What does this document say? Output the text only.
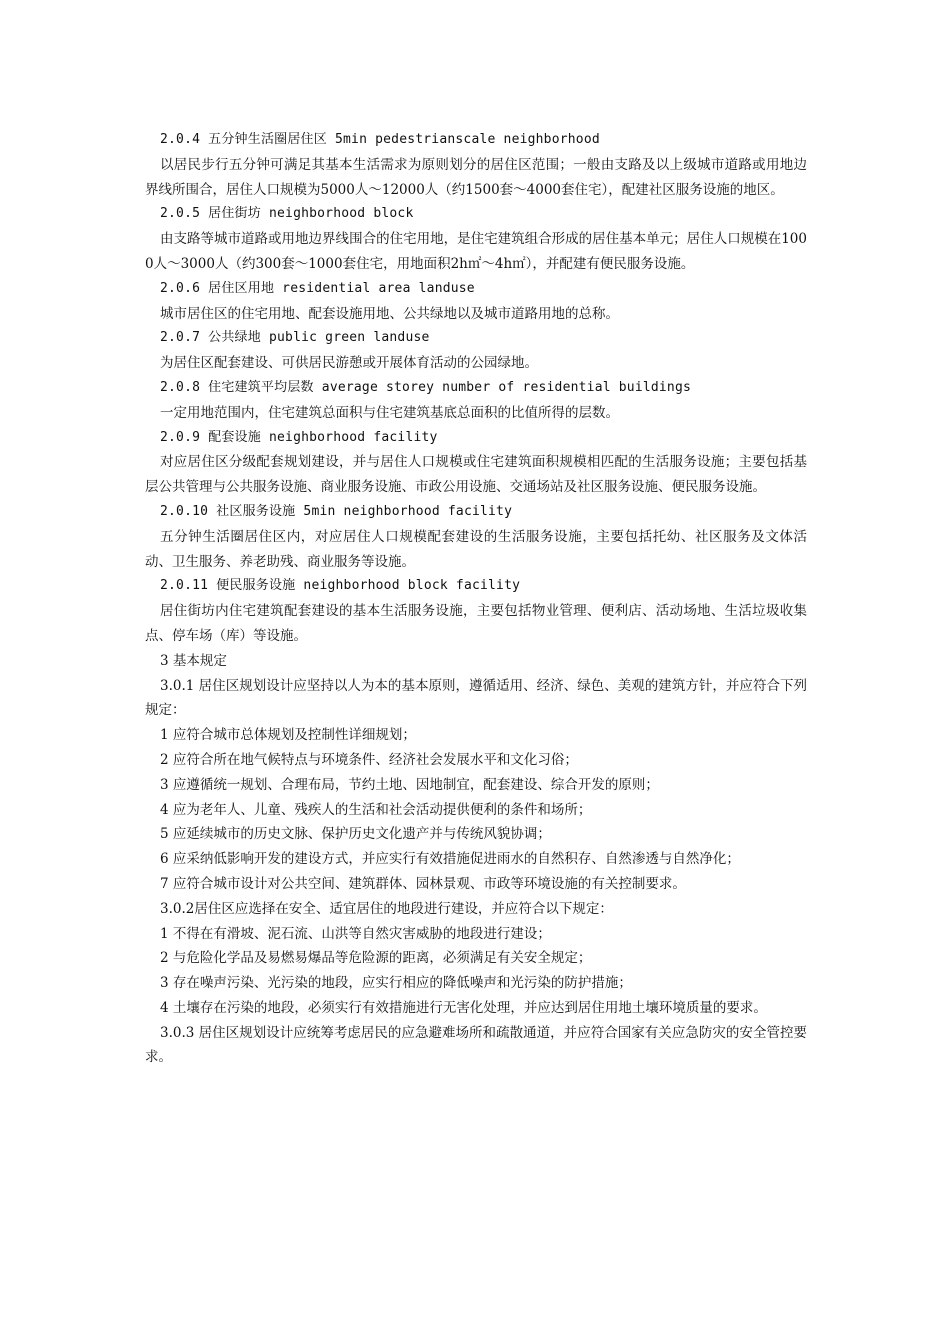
2.0.4 五分钟生活圈居住区 5min pedestrianscale neighborhood

以居民步行五分钟可满足其基本生活需求为原则划分的居住区范围；一般由支路及以上级城市道路或用地边界线所围合，居住人口规模为5000人～12000人（约1500套～4000套住宅），配建社区服务设施的地区。

2.0.5 居住街坊 neighborhood block

由支路等城市道路或用地边界线围合的住宅用地，是住宅建筑组合形成的居住基本单元；居住人口规模在1000人～3000人（约300套～1000套住宅，用地面积2h㎡～4h㎡），并配建有便民服务设施。

2.0.6 居住区用地 residential area landuse

城市居住区的住宅用地、配套设施用地、公共绿地以及城市道路用地的总称。

2.0.7 公共绿地 public green landuse

为居住区配套建设、可供居民游憩或开展体育活动的公园绿地。

2.0.8 住宅建筑平均层数 average storey number of residential buildings

一定用地范围内，住宅建筑总面积与住宅建筑基底总面积的比值所得的层数。

2.0.9 配套设施 neighborhood facility

对应居住区分级配套规划建设，并与居住人口规模或住宅建筑面积规模相匹配的生活服务设施；主要包括基层公共管理与公共服务设施、商业服务设施、市政公用设施、交通场站及社区服务设施、便民服务设施。

2.0.10 社区服务设施 5min neighborhood facility

五分钟生活圈居住区内，对应居住人口规模配套建设的生活服务设施，主要包括托幼、社区服务及文体活动、卫生服务、养老助残、商业服务等设施。

2.0.11 便民服务设施 neighborhood block facility

居住街坊内住宅建筑配套建设的基本生活服务设施，主要包括物业管理、便利店、活动场地、生活垃圾收集点、停车场（库）等设施。

3 基本规定

3.0.1 居住区规划设计应坚持以人为本的基本原则，遵循适用、经济、绿色、美观的建筑方针，并应符合下列规定：

1 应符合城市总体规划及控制性详细规划；

2 应符合所在地气候特点与环境条件、经济社会发展水平和文化习俗；

3 应遵循统一规划、合理布局，节约土地、因地制宜，配套建设、综合开发的原则；

4 应为老年人、儿童、残疾人的生活和社会活动提供便利的条件和场所；

5 应延续城市的历史文脉、保护历史文化遗产并与传统风貌协调；

6 应采纳低影响开发的建设方式，并应实行有效措施促进雨水的自然积存、自然渗透与自然净化；

7 应符合城市设计对公共空间、建筑群体、园林景观、市政等环境设施的有关控制要求。

3.0.2居住区应选择在安全、适宜居住的地段进行建设，并应符合以下规定：

1 不得在有滑坡、泥石流、山洪等自然灾害威胁的地段进行建设；

2 与危险化学品及易燃易爆品等危险源的距离，必须满足有关安全规定；

3 存在噪声污染、光污染的地段，应实行相应的降低噪声和光污染的防护措施；

4 土壤存在污染的地段，必须实行有效措施进行无害化处理，并应达到居住用地土壤环境质量的要求。

3.0.3 居住区规划设计应统筹考虑居民的应急避难场所和疏散通道，并应符合国家有关应急防灾的安全管控要求。
